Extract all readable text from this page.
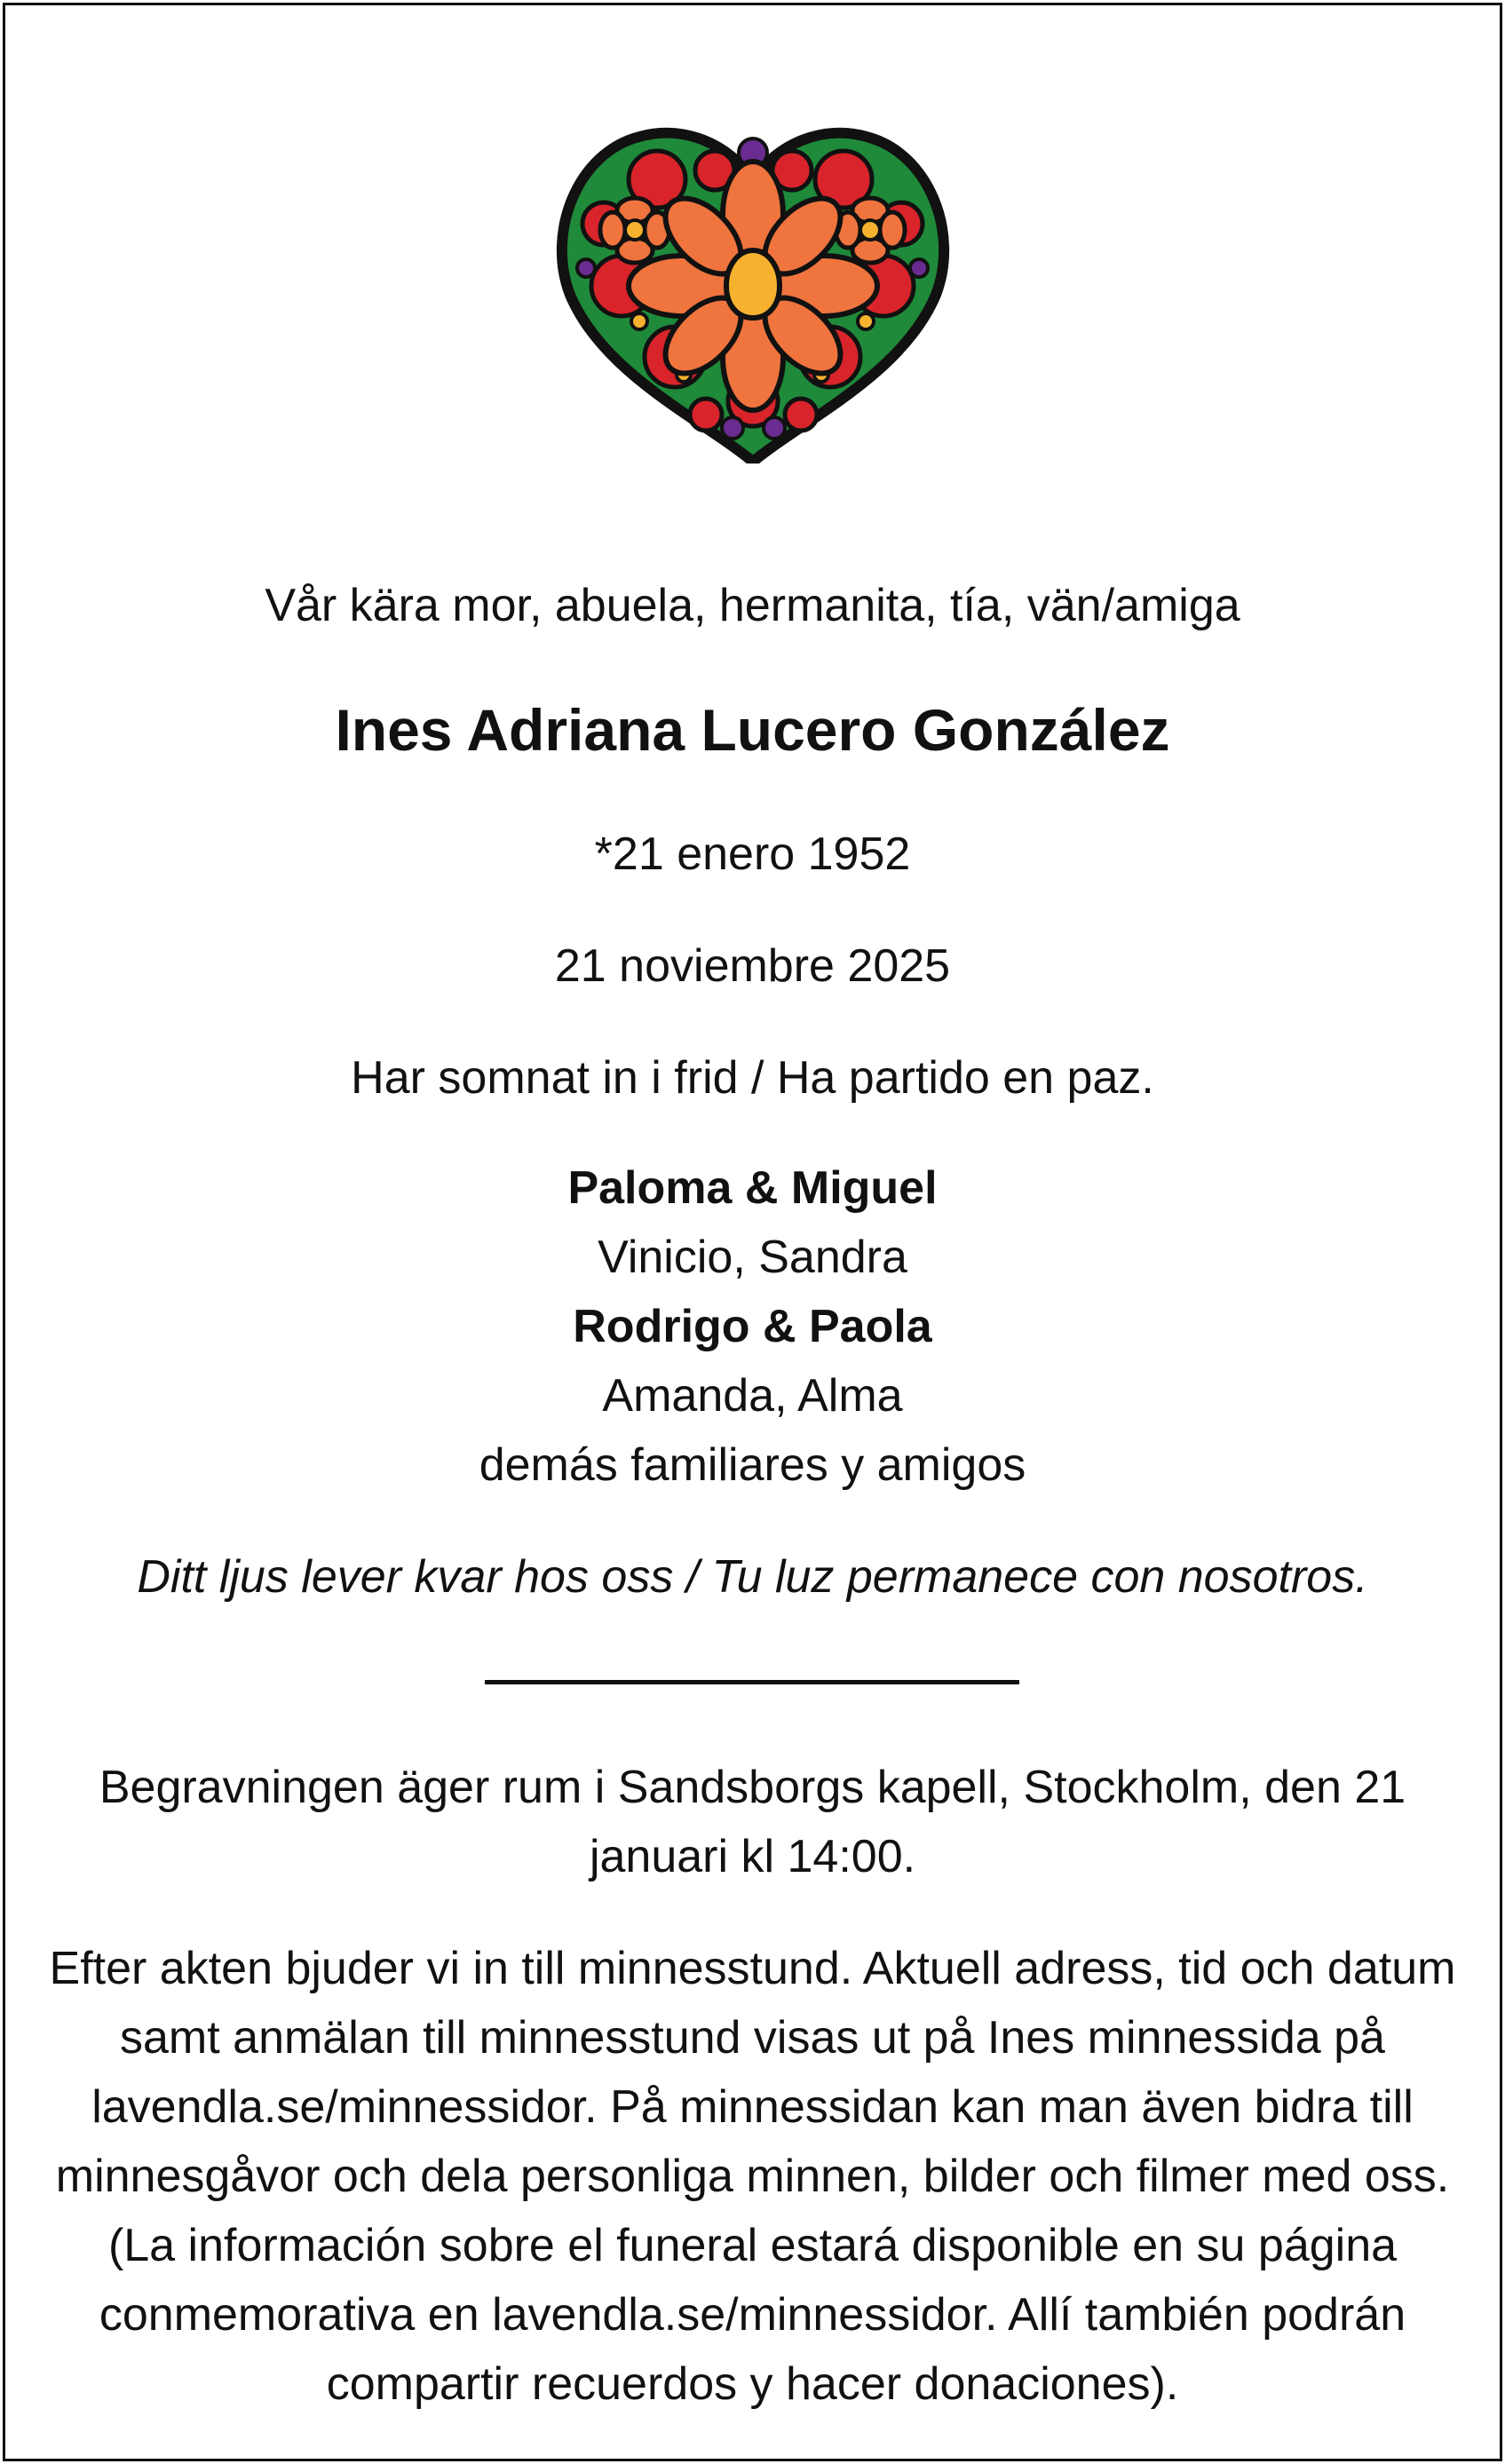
Vår kära mor, abuela, hermanita, tía, vän/amiga
Ines Adriana Lucero González
*21 enero 1952
21 noviembre 2025
Har somnat in i frid / Ha partido en paz.
Paloma & Miguel
Vinicio, Sandra
Rodrigo & Paola
Amanda, Alma
demás familiares y amigos
Ditt ljus lever kvar hos oss / Tu luz permanece con nosotros.
Begravningen äger rum i Sandsborgs kapell, Stockholm, den 21 januari kl 14:00.
Efter akten bjuder vi in till minnesstund. Aktuell adress, tid och datum samt anmälan till minnesstund visas ut på Ines minnessida på lavendla.se/minnessidor. På minnessidan kan man även bidra till minnesgåvor och dela personliga minnen, bilder och filmer med oss. (La información sobre el funeral estará disponible en su página conmemorativa en lavendla.se/minnessidor. Allí también podrán compartir recuerdos y hacer donaciones).
